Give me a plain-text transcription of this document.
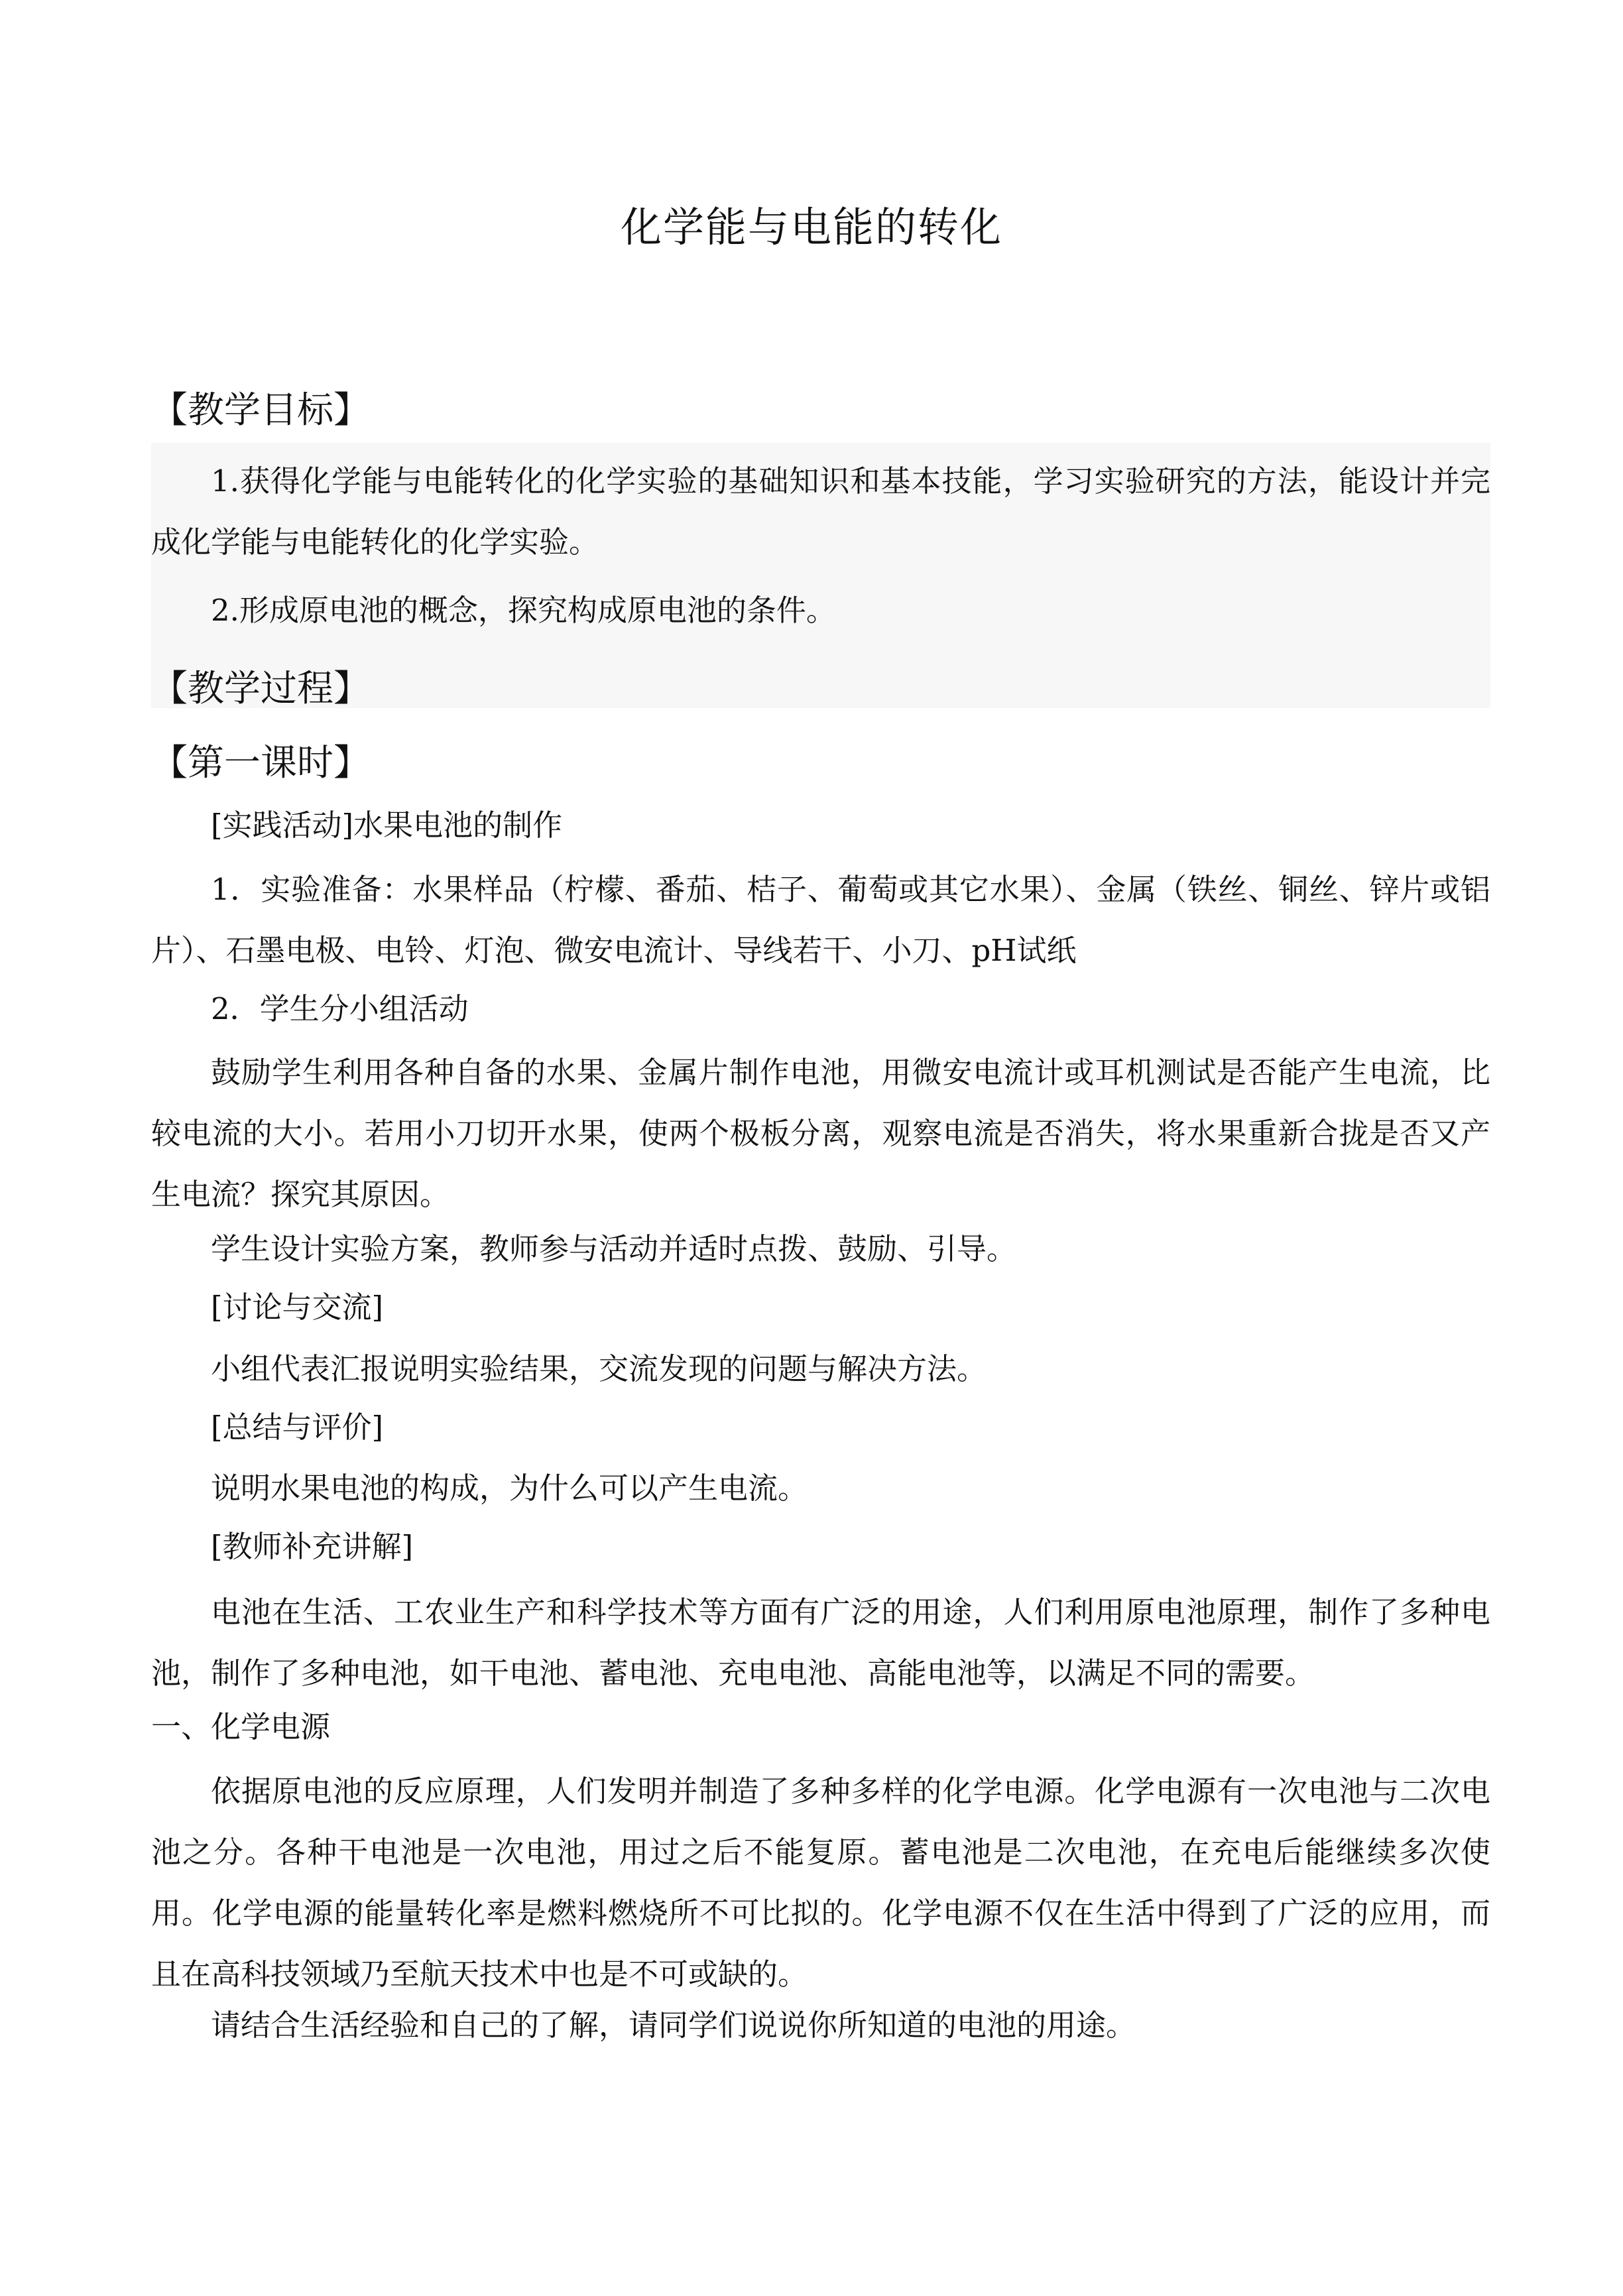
化学能与电能的转化
【教学目标】

1.获得化学能与电能转化的化学实验的基础知识和基本技能，学习实验研究的方法，能设计并完成化学能与电能转化的化学实验。

2.形成原电池的概念，探究构成原电池的条件。
【教学过程】
【第一课时】
[实践活动]水果电池的制作

1．实验准备：水果样品（柠檬、番茄、桔子、葡萄或其它水果）、金属（铁丝、铜丝、锌片或铝片）、石墨电极、电铃、灯泡、微安电流计、导线若干、小刀、pH试纸

2．学生分小组活动

鼓励学生利用各种自备的水果、金属片制作电池，用微安电流计或耳机测试是否能产生电流，比较电流的大小。若用小刀切开水果，使两个极板分离，观察电流是否消失，将水果重新合拢是否又产生电流？探究其原因。

学生设计实验方案，教师参与活动并适时点拨、鼓励、引导。
[讨论与交流]
小组代表汇报说明实验结果，交流发现的问题与解决方法。
[总结与评价]
说明水果电池的构成，为什么可以产生电流。
[教师补充讲解]

电池在生活、工农业生产和科学技术等方面有广泛的用途，人们利用原电池原理，制作了多种电池，制作了多种电池，如干电池、蓄电池、充电电池、高能电池等，以满足不同的需要。

一、化学电源

依据原电池的反应原理，人们发明并制造了多种多样的化学电源。化学电源有一次电池与二次电池之分。各种干电池是一次电池，用过之后不能复原。蓄电池是二次电池，在充电后能继续多次使用。化学电源的能量转化率是燃料燃烧所不可比拟的。化学电源不仅在生活中得到了广泛的应用，而且在高科技领域乃至航天技术中也是不可或缺的。

请结合生活经验和自己的了解，请同学们说说你所知道的电池的用途。
